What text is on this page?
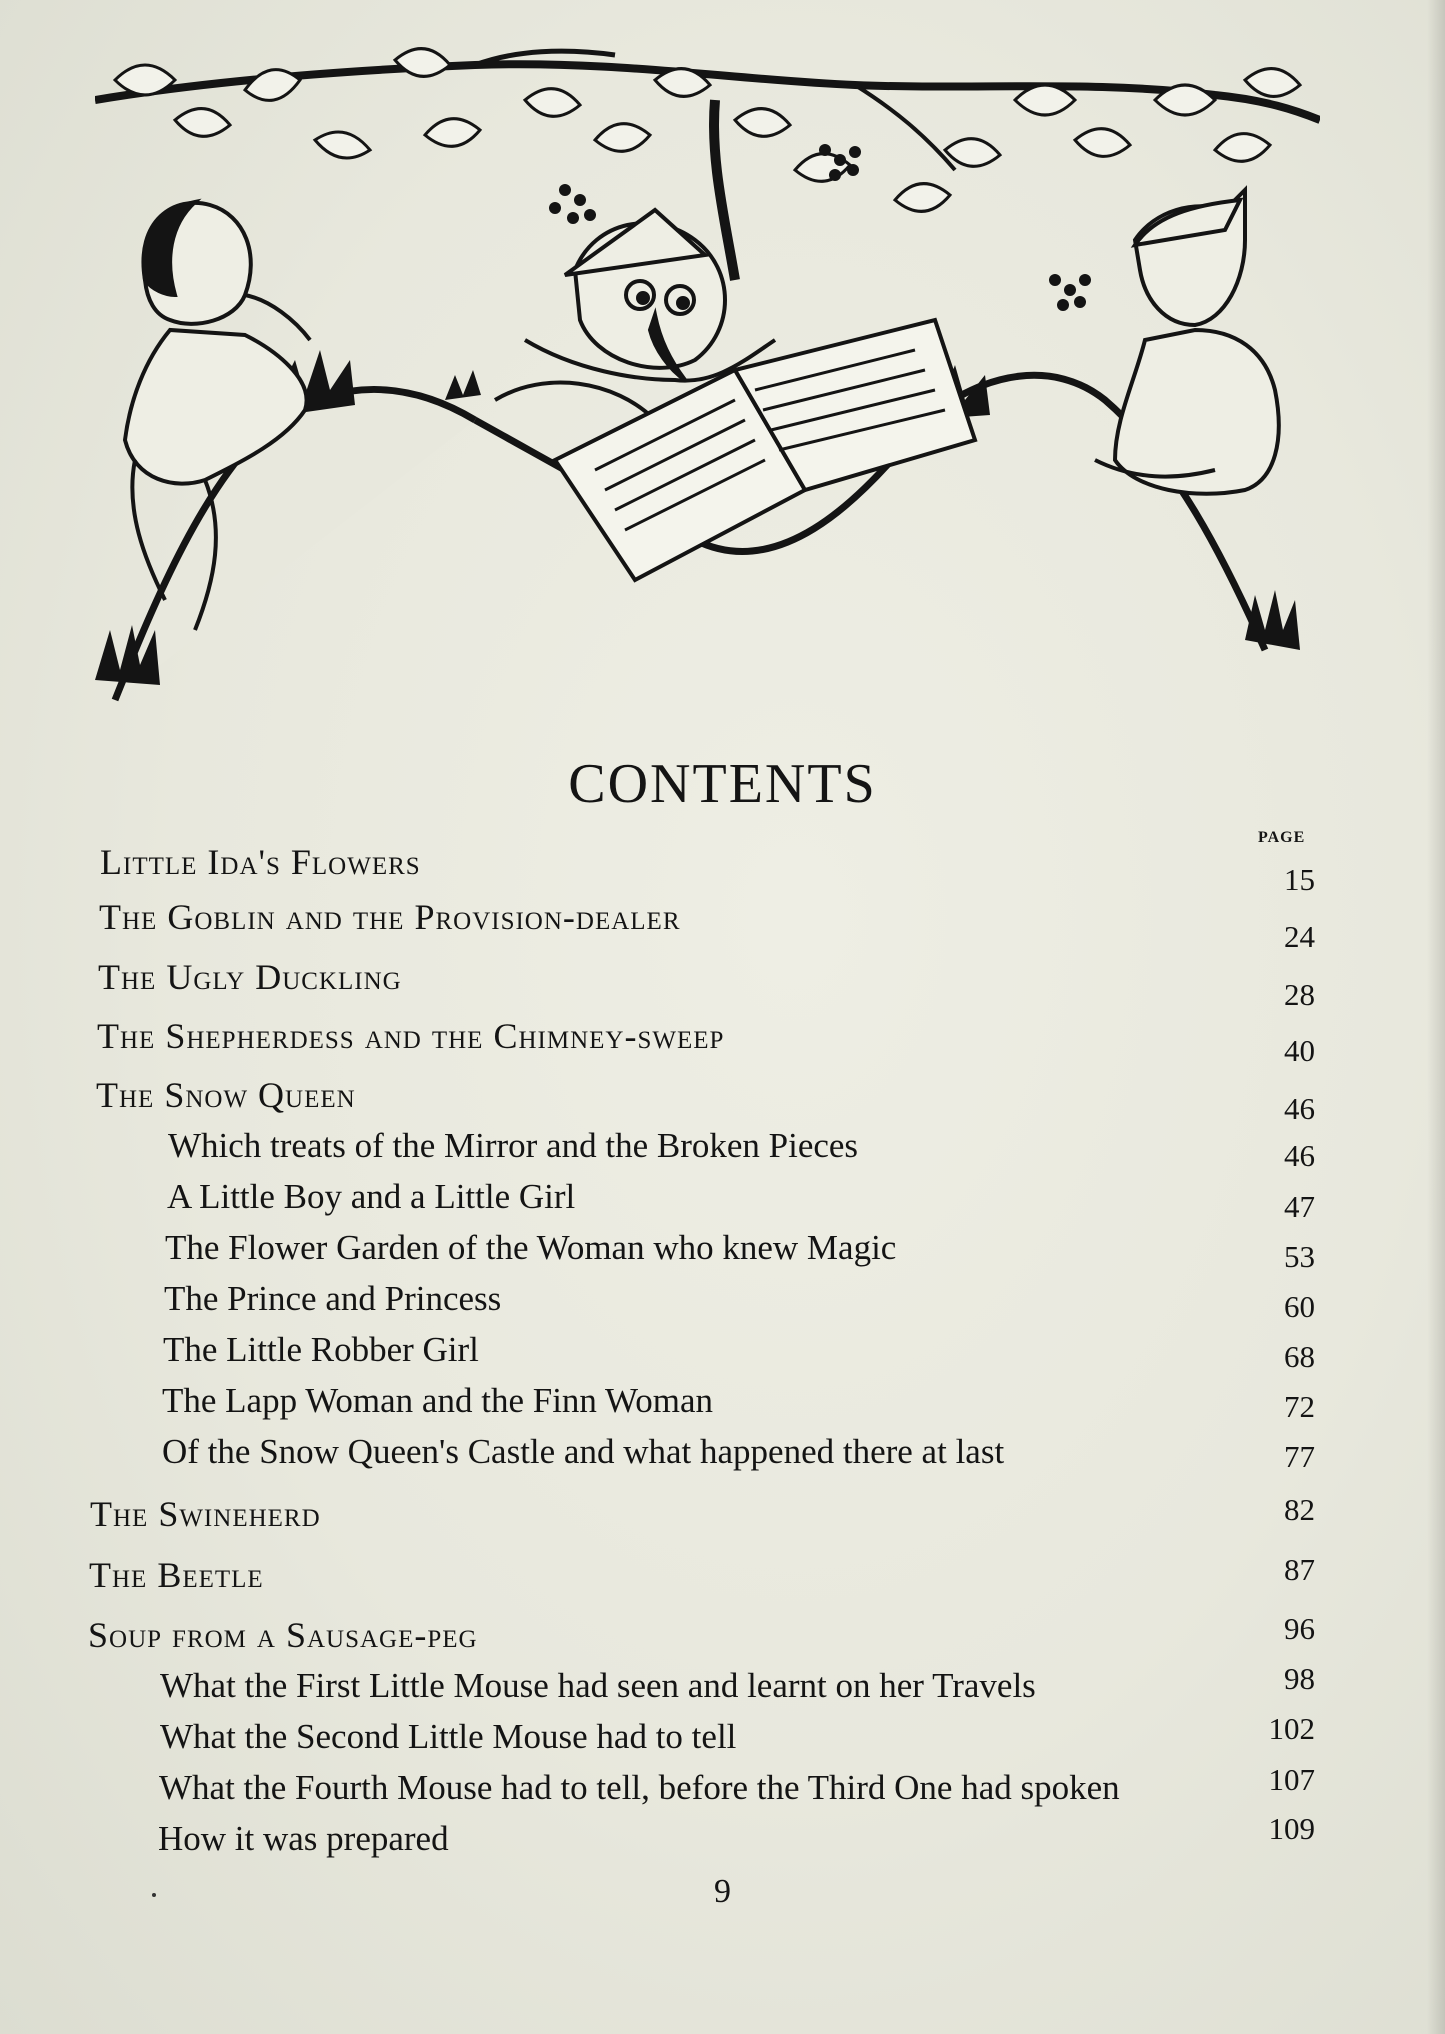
CONTENTS
PAGE
Little Ida's Flowers	15
The Goblin and the Provision-dealer	24
The Ugly Duckling	28
The Shepherdess and the Chimney-sweep	40
The Snow Queen	46
Which treats of the Mirror and the Broken Pieces	46
A Little Boy and a Little Girl	47
The Flower Garden of the Woman who knew Magic	53
The Prince and Princess	60
The Little Robber Girl	68
The Lapp Woman and the Finn Woman	72
Of the Snow Queen's Castle and what happened there at last	77
The Swineherd	82
The Beetle	87
Soup from a Sausage-peg	96
What the First Little Mouse had seen and learnt on her Travels	98
What the Second Little Mouse had to tell	102
What the Fourth Mouse had to tell, before the Third One had spoken	107
How it was prepared	109
9
